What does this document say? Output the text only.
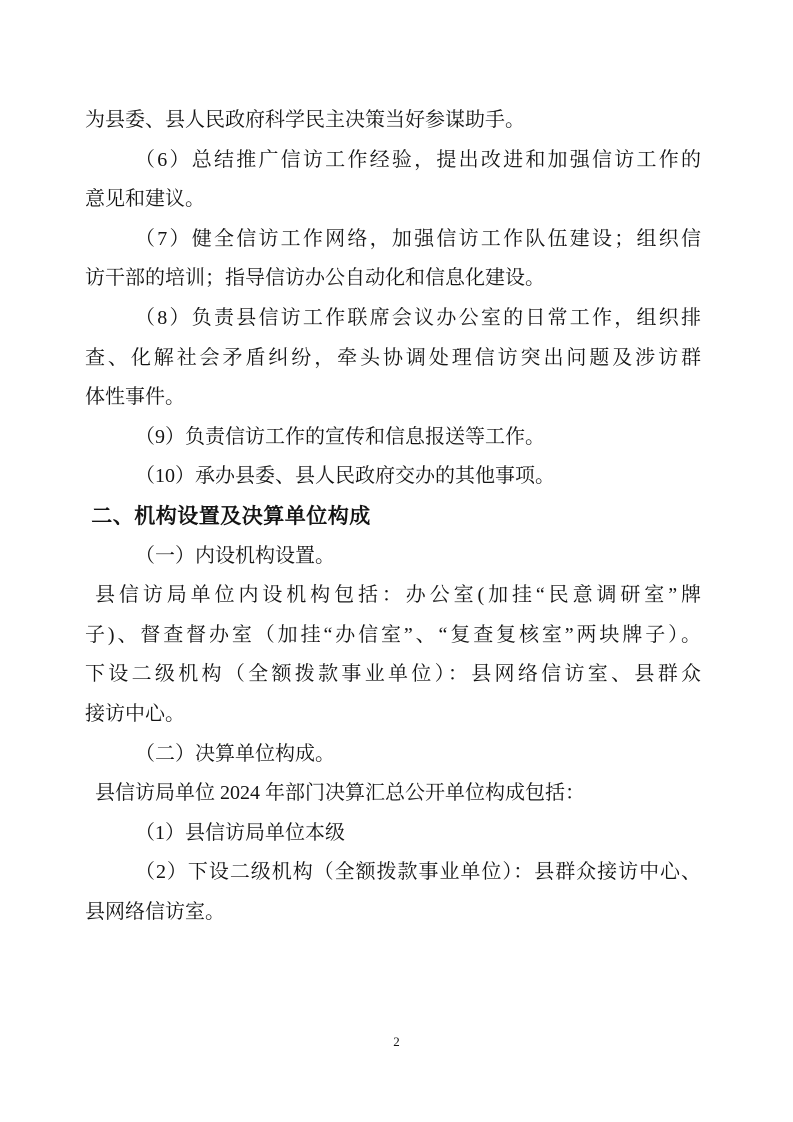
为县委、县人民政府科学民主决策当好参谋助手。
（6）总结推广信访工作经验，提出改进和加强信访工作的
意见和建议。
（7）健全信访工作网络，加强信访工作队伍建设；组织信
访干部的培训；指导信访办公自动化和信息化建设。
（8）负责县信访工作联席会议办公室的日常工作，组织排
查、化解社会矛盾纠纷，牵头协调处理信访突出问题及涉访群
体性事件。
（9）负责信访工作的宣传和信息报送等工作。
（10）承办县委、县人民政府交办的其他事项。
二、机构设置及决算单位构成
（一）内设机构设置。
县信访局单位内设机构包括：办公室(加挂“民意调研室”牌
子)、督查督办室（加挂“办信室”、“复查复核室”两块牌子）。
下设二级机构（全额拨款事业单位）：县网络信访室、县群众
接访中心。
（二）决算单位构成。
县信访局单位 2024 年部门决算汇总公开单位构成包括：
（1）县信访局单位本级
（2）下设二级机构（全额拨款事业单位）：县群众接访中心、
县网络信访室。
2
